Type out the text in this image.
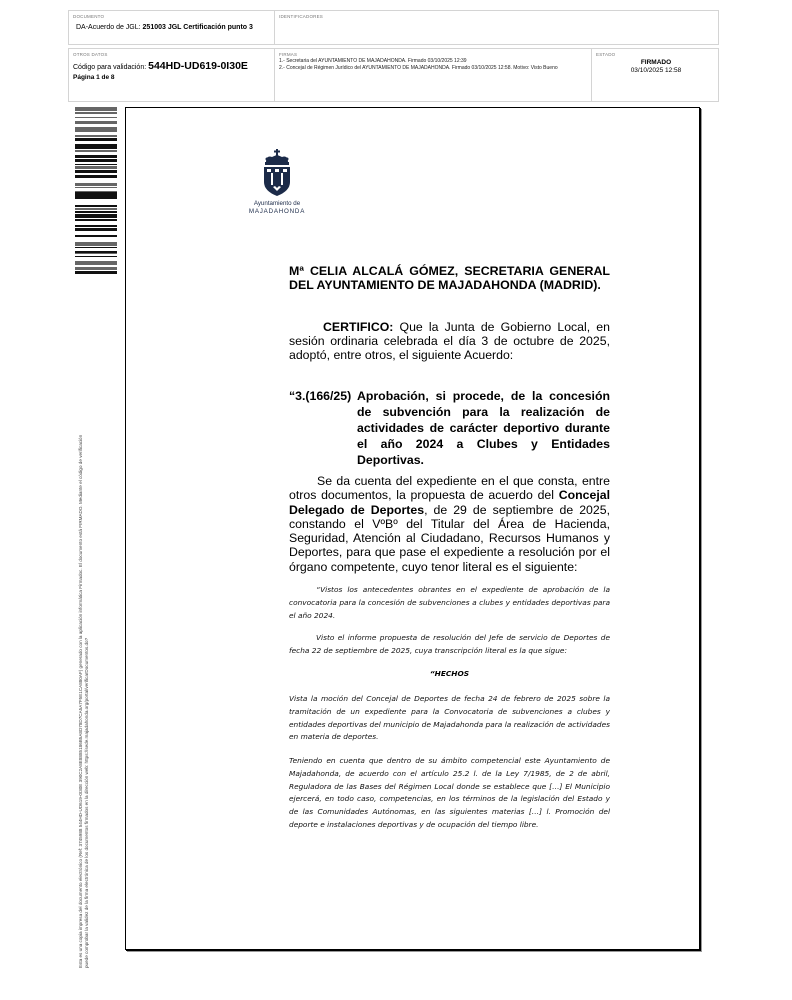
DOCUMENTO
DA-Acuerdo de JGL: 251003 JGL Certificación punto 3
IDENTIFICADORES
OTROS DATOS
Código para validación: 544HD-UD619-0I30E
Página 1 de 8
FIRMAS
1.- Secretaria del AYUNTAMIENTO DE MAJADAHONDA. Firmado 03/10/2025 12:39
2.- Concejal de Régimen Jurídico del AYUNTAMIENTO DE MAJADAHONDA. Firmado 03/10/2025 12:58. Motivo: Visto Bueno
ESTADO
FIRMADO
03/10/2025 12:58
Esta es una copia impresa del documento electrónico (Ref: 3745988 544HD-UD619-0I30E 390C2A8E8885186B5A8D78D7CA5A7F5E1CA880AF) generado con la aplicación informática Firmadoc. El documento está FIRMADO. Mediante el código de verificación puede comprobar la validez de la firma electrónica de los documentos firmados en la dirección web: https://sede.majadahonda.org/portal/verificarDocumentos.do?
Ayuntamiento de
MAJADAHONDA
Mª CELIA ALCALÁ GÓMEZ, SECRETARIA GENERAL DEL AYUNTAMIENTO DE MAJADAHONDA (MADRID).
CERTIFICO: Que la Junta de Gobierno Local, en sesión ordinaria celebrada el día 3 de octubre de 2025, adoptó, entre otros, el siguiente Acuerdo:
“3.(166/25) Aprobación, si procede, de la concesión de subvención para la realización de actividades de carácter deportivo durante el año 2024 a Clubes y Entidades Deportivas.
Se da cuenta del expediente en el que consta, entre otros documentos, la propuesta de acuerdo del Concejal Delegado de Deportes, de 29 de septiembre de 2025, constando el VºBº del Titular del Área de Hacienda, Seguridad, Atención al Ciudadano, Recursos Humanos y Deportes, para que pase el expediente a resolución por el órgano competente, cuyo tenor literal es el siguiente:
“Vistos los antecedentes obrantes en el expediente de aprobación de la convocatoria para la concesión de subvenciones a clubes y entidades deportivas para el año 2024.
Visto el informe propuesta de resolución del Jefe de servicio de Deportes de fecha 22 de septiembre de 2025, cuya transcripción literal es la que sigue:
“HECHOS
Vista la moción del Concejal de Deportes de fecha 24 de febrero de 2025 sobre la tramitación de un expediente para la Convocatoria de subvenciones a clubes y entidades deportivas del municipio de Majadahonda para la realización de actividades en materia de deportes.
Teniendo en cuenta que dentro de su ámbito competencial este Ayuntamiento de Majadahonda, de acuerdo con el artículo 25.2 l. de la Ley 7/1985, de 2 de abril, Reguladora de las Bases del Régimen Local donde se establece que […] El Municipio ejercerá, en todo caso, competencias, en los términos de la legislación del Estado y de las Comunidades Autónomas, en las siguientes materias […] l. Promoción del deporte e instalaciones deportivas y de ocupación del tiempo libre.
